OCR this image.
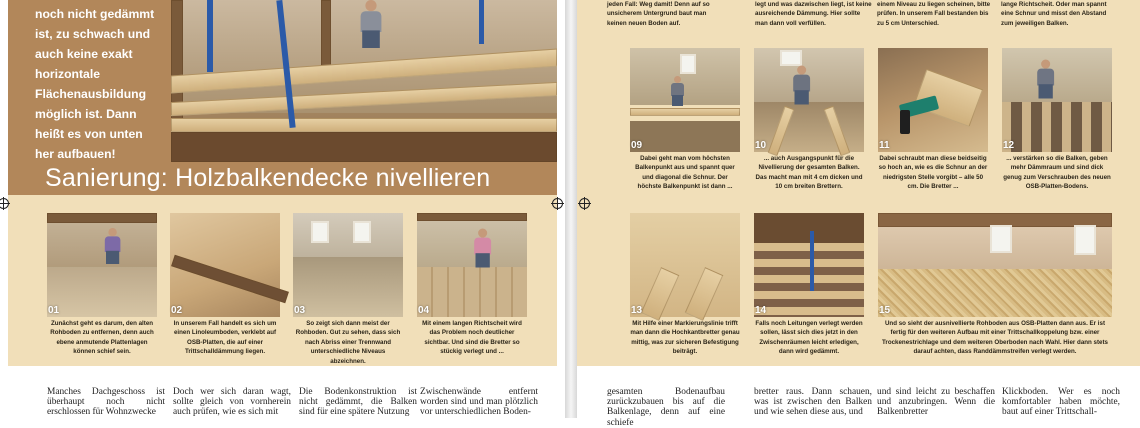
noch nicht gedämmt ist, zu schwach und auch keine exakt horizontale Flächenausbildung möglich ist. Dann heißt es von unten her aufbauen!

Sanierung: Holzbalkendecke nivellieren
01

Zunächst geht es darum, den alten Rohboden zu entfernen, denn auch ebene anmutende Plattenlagen können schief sein.

02

In unserem Fall handelt es sich um einen Linoleumboden, verklebt auf OSB-Platten, die auf einer Trittschalldämmung liegen.

03

So zeigt sich dann meist der Rohboden. Gut zu sehen, dass sich nach Abriss einer Trennwand unterschiedliche Niveaus abzeichnen.

04

Mit einem langen Richtscheit wird das Problem noch deutlicher sichtbar. Und sind die Bretter so stückig verlegt und ...

Manches Dachgeschoss ist überhaupt noch nicht erschlossen für Wohnzwecke

Doch wer sich daran wagt, sollte gleich von vornherein auch prüfen, wie es sich mit

Die Bodenkonstruktion ist nicht gedämmt, die Balken sind für eine spätere Nutzung

Zwischenwände entfernt worden sind und man plötzlich vor unterschiedlichen Boden-

jeden Fall: Weg damit! Denn auf so unsicherem Untergrund baut man keinen neuen Boden auf.

legt und was dazwischen liegt, ist keine ausreichende Dämmung. Hier sollte man dann voll verfüllen.

einem Niveau zu liegen scheinen, bitte prüfen. In unserem Fall bestanden bis zu 5 cm Unterschied.

lange Richtscheit. Oder man spannt eine Schnur und misst den Abstand zum jeweiligen Balken.

09

Dabei geht man vom höchsten Balkenpunkt aus und spannt quer und diagonal die Schnur. Der höchste Balkenpunkt ist dann ...

10

... auch Ausgangspunkt für die Nivellierung der gesamten Balken. Das macht man mit 4 cm dicken und 10 cm breiten Brettern.

11

Dabei schraubt man diese beidseitig so hoch an, wie es die Schnur an der niedrigsten Stelle vorgibt – alle 50 cm. Die Bretter ...

12

... verstärken so die Balken, geben mehr Dämmraum und sind dick genug zum Verschrauben des neuen OSB-Platten-Bodens.

13

Mit Hilfe einer Markierungslinie trifft man dann die Hochkantbretter genau mittig, was zur sicheren Befestigung beiträgt.

14

Falls noch Leitungen verlegt werden sollen, lässt sich dies jetzt in den Zwischenräumen leicht erledigen, dann wird gedämmt.

15

Und so sieht der ausnivellierte Rohboden aus OSB-Platten dann aus. Er ist fertig für den weiteren Aufbau mit einer Trittschallkoppelung bzw. einer Trockenestrichlage und dem weiteren Oberboden nach Wahl. Hier dann stets darauf achten, dass Randdämmstreifen verlegt werden.

gesamten Bodenaufbau zurückzubauen bis auf die Balkenlage, denn auf eine schiefe

bretter raus. Dann schauen, was ist zwischen den Balken und wie sehen diese aus, und

und sind leicht zu beschaffen und anzubringen. Wenn die Balkenbretter

Klickboden. Wer es noch komfortabler haben möchte, baut auf einer Trittschall-
